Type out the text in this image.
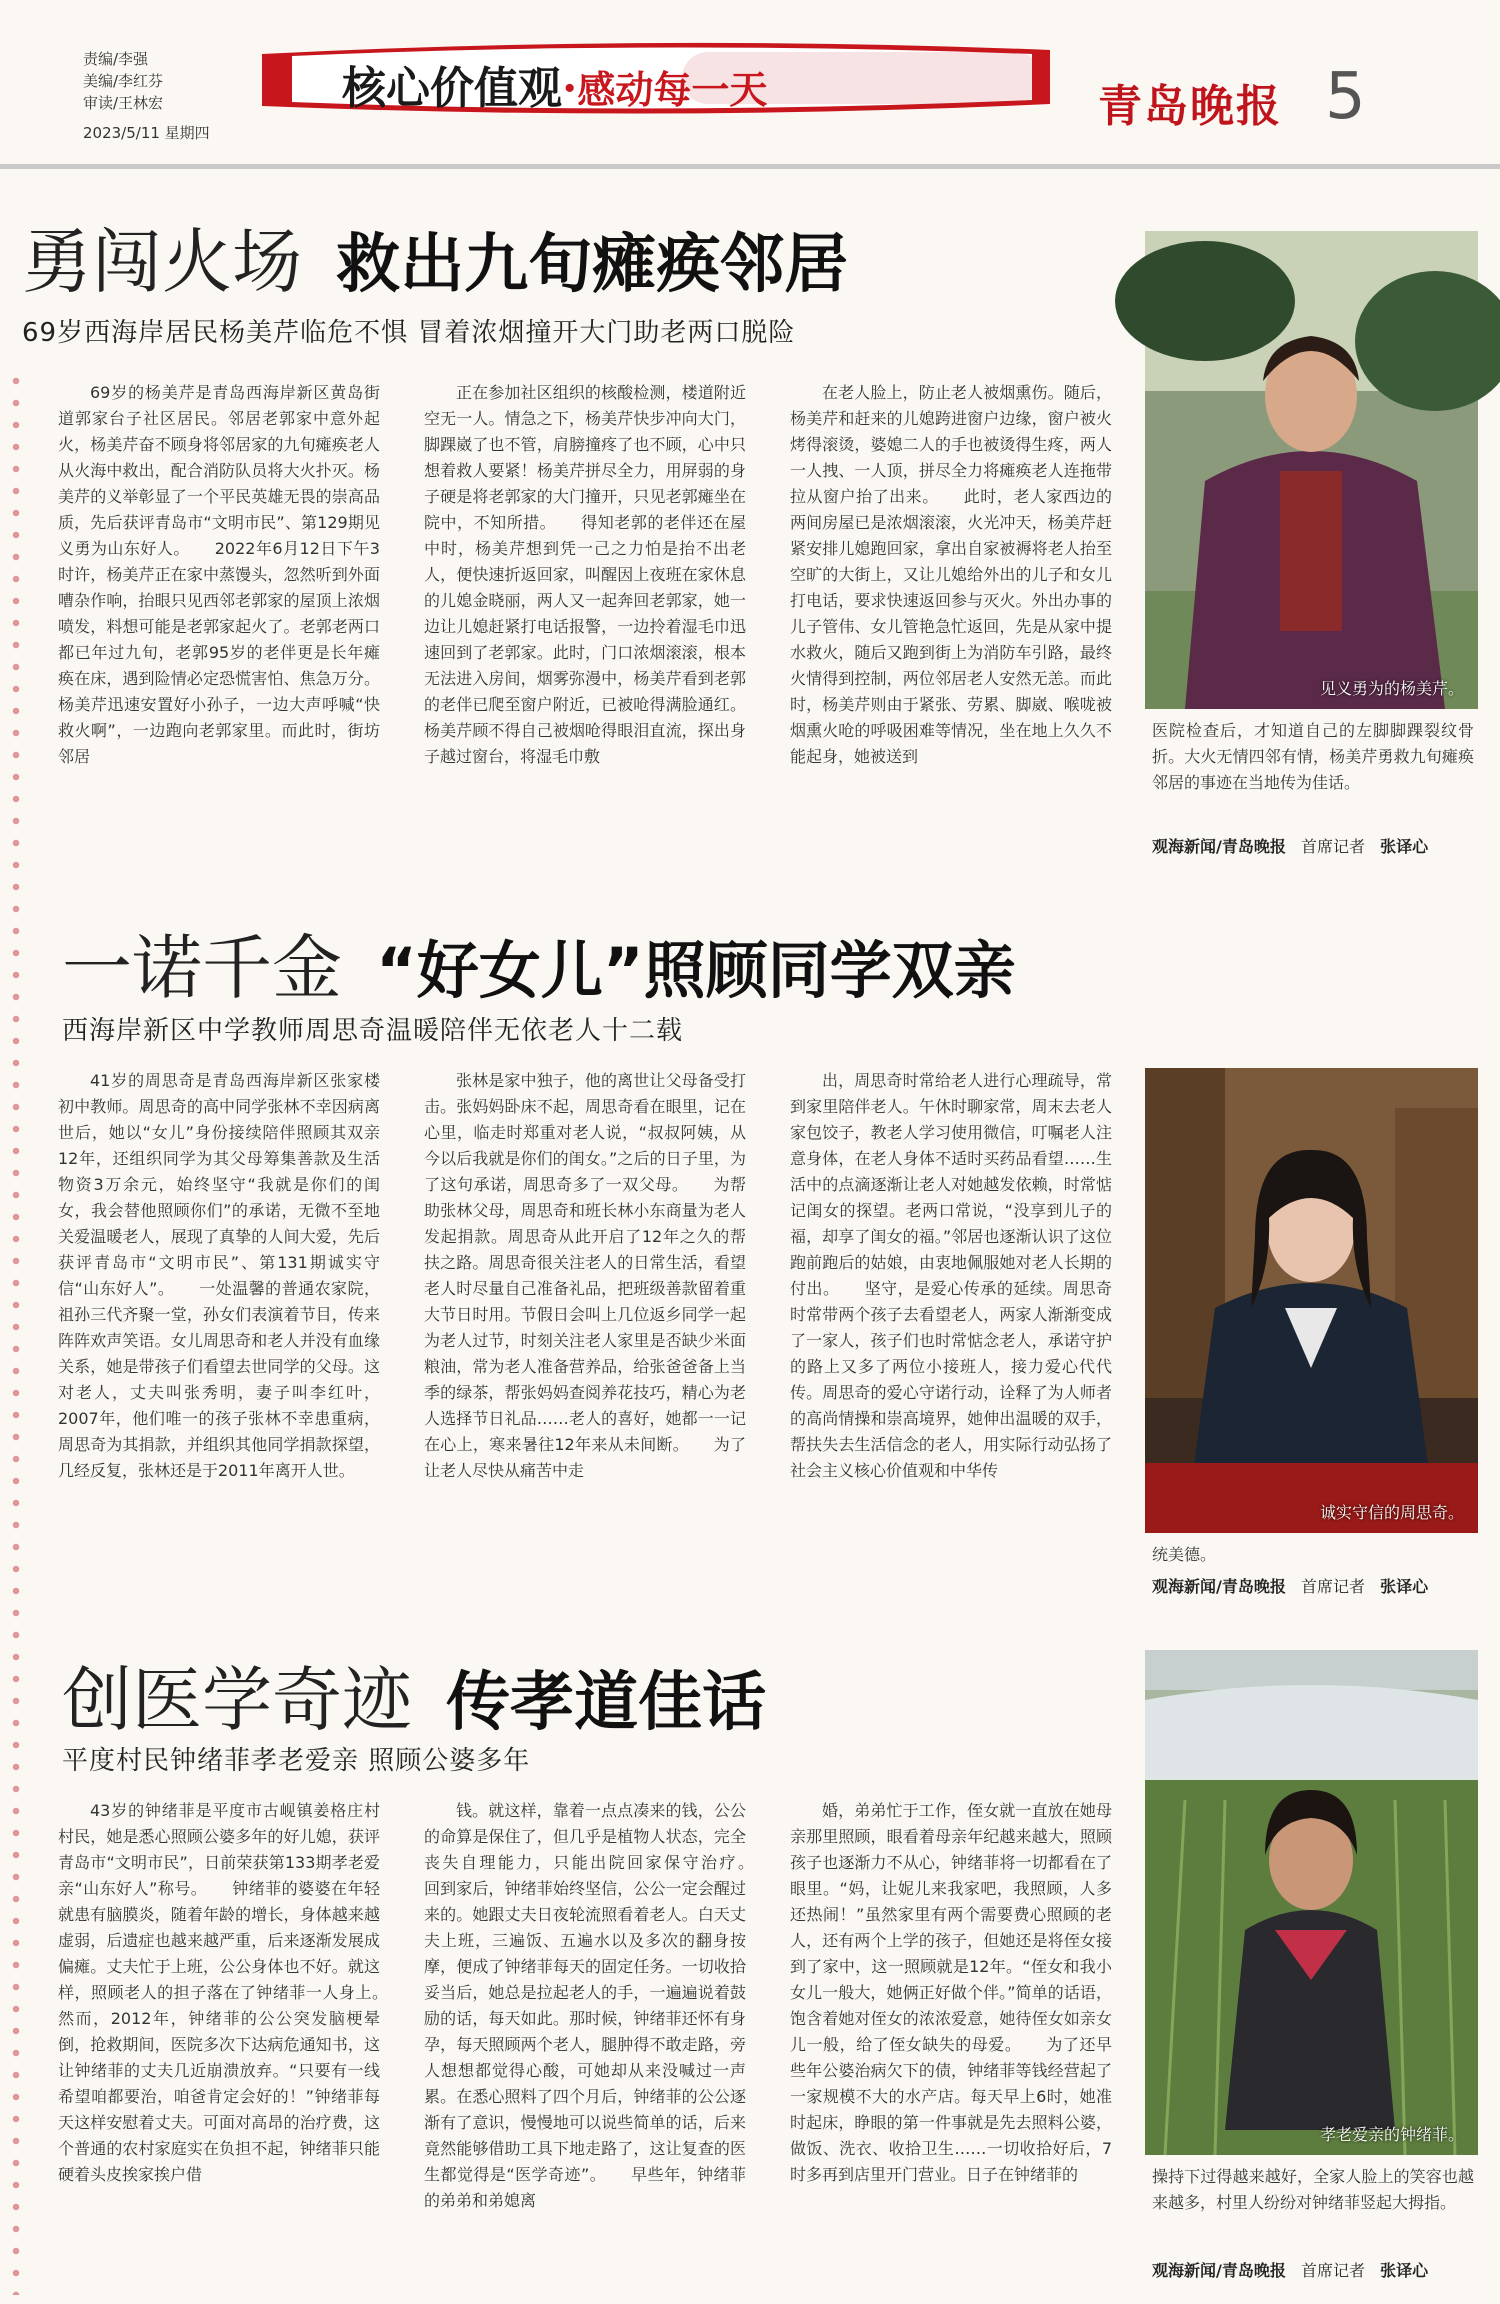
责编/李强
美编/李红芬
审读/王林宏
2023/5/11 星期四
核心价值观·感动每一天	青岛晚报 5
勇闯火场 救出九旬瘫痪邻居
69岁西海岸居民杨美芹临危不惧 冒着浓烟撞开大门助老两口脱险

69岁的杨美芹是青岛西海岸新区黄岛街道郭家台子社区居民。邻居老郭家中意外起火，杨美芹奋不顾身将邻居家的九旬瘫痪老人从火海中救出，配合消防队员将大火扑灭。杨美芹的义举彰显了一个平民英雄无畏的崇高品质，先后获评青岛市“文明市民”、第129期见义勇为山东好人。　　2022年6月12日下午3时许，杨美芹正在家中蒸馒头，忽然听到外面嘈杂作响，抬眼只见西邻老郭家的屋顶上浓烟喷发，料想可能是老郭家起火了。老郭老两口都已年过九旬，老郭95岁的老伴更是长年瘫痪在床，遇到险情必定恐慌害怕、焦急万分。杨美芹迅速安置好小孙子，一边大声呼喊“快救火啊”，一边跑向老郭家里。而此时，街坊邻居

正在参加社区组织的核酸检测，楼道附近空无一人。情急之下，杨美芹快步冲向大门，脚踝崴了也不管，肩膀撞疼了也不顾，心中只想着救人要紧！杨美芹拼尽全力，用屏弱的身子硬是将老郭家的大门撞开，只见老郭瘫坐在院中，不知所措。　　得知老郭的老伴还在屋中时，杨美芹想到凭一己之力怕是抬不出老人，便快速折返回家，叫醒因上夜班在家休息的儿媳金晓丽，两人又一起奔回老郭家，她一边让儿媳赶紧打电话报警，一边拎着湿毛巾迅速回到了老郭家。此时，门口浓烟滚滚，根本无法进入房间，烟雾弥漫中，杨美芹看到老郭的老伴已爬至窗户附近，已被呛得满脸通红。杨美芹顾不得自己被烟呛得眼泪直流，探出身子越过窗台，将湿毛巾敷

在老人脸上，防止老人被烟熏伤。随后，杨美芹和赶来的儿媳跨进窗户边缘，窗户被火烤得滚烫，婆媳二人的手也被烫得生疼，两人一人拽、一人顶，拼尽全力将瘫痪老人连拖带拉从窗户抬了出来。　　此时，老人家西边的两间房屋已是浓烟滚滚，火光冲天，杨美芹赶紧安排儿媳跑回家，拿出自家被褥将老人抬至空旷的大街上，又让儿媳给外出的儿子和女儿打电话，要求快速返回参与灭火。外出办事的儿子管伟、女儿管艳急忙返回，先是从家中提水救火，随后又跑到街上为消防车引路，最终火情得到控制，两位邻居老人安然无恙。而此时，杨美芹则由于紧张、劳累、脚崴、喉咙被烟熏火呛的呼吸困难等情况，坐在地上久久不能起身，她被送到

见义勇为的杨美芹。

医院检查后，才知道自己的左脚脚踝裂纹骨折。大火无情四邻有情，杨美芹勇救九旬瘫痪邻居的事迹在当地传为佳话。

观海新闻/青岛晚报 首席记者 张译心
一诺千金 “好女儿”照顾同学双亲
西海岸新区中学教师周思奇温暖陪伴无依老人十二载

41岁的周思奇是青岛西海岸新区张家楼初中教师。周思奇的高中同学张林不幸因病离世后，她以“女儿”身份接续陪伴照顾其双亲12年，还组织同学为其父母筹集善款及生活物资3万余元，始终坚守“我就是你们的闺女，我会替他照顾你们”的承诺，无微不至地关爱温暖老人，展现了真挚的人间大爱，先后获评青岛市“文明市民”、第131期诚实守信“山东好人”。　　一处温馨的普通农家院，祖孙三代齐聚一堂，孙女们表演着节目，传来阵阵欢声笑语。女儿周思奇和老人并没有血缘关系，她是带孩子们看望去世同学的父母。这对老人，丈夫叫张秀明，妻子叫李红叶，2007年，他们唯一的孩子张林不幸患重病，周思奇为其捐款，并组织其他同学捐款探望，几经反复，张林还是于2011年离开人世。

张林是家中独子，他的离世让父母备受打击。张妈妈卧床不起，周思奇看在眼里，记在心里，临走时郑重对老人说，“叔叔阿姨，从今以后我就是你们的闺女。”之后的日子里，为了这句承诺，周思奇多了一双父母。　　为帮助张林父母，周思奇和班长林小东商量为老人发起捐款。周思奇从此开启了12年之久的帮扶之路。周思奇很关注老人的日常生活，看望老人时尽量自己准备礼品，把班级善款留着重大节日时用。节假日会叫上几位返乡同学一起为老人过节，时刻关注老人家里是否缺少米面粮油，常为老人准备营养品，给张爸爸备上当季的绿茶，帮张妈妈查阅养花技巧，精心为老人选择节日礼品……老人的喜好，她都一一记在心上，寒来暑往12年来从未间断。　　为了让老人尽快从痛苦中走

出，周思奇时常给老人进行心理疏导，常到家里陪伴老人。午休时聊家常，周末去老人家包饺子，教老人学习使用微信，叮嘱老人注意身体，在老人身体不适时买药品看望……生活中的点滴逐渐让老人对她越发依赖，时常惦记闺女的探望。老两口常说，“没享到儿子的福，却享了闺女的福。”邻居也逐渐认识了这位跑前跑后的姑娘，由衷地佩服她对老人长期的付出。　　坚守，是爱心传承的延续。周思奇时常带两个孩子去看望老人，两家人渐渐变成了一家人，孩子们也时常惦念老人，承诺守护的路上又多了两位小接班人，接力爱心代代传。周思奇的爱心守诺行动，诠释了为人师者的高尚情操和崇高境界，她伸出温暖的双手，帮扶失去生活信念的老人，用实际行动弘扬了社会主义核心价值观和中华传

诚实守信的周思奇。

统美德。

观海新闻/青岛晚报 首席记者 张译心
创医学奇迹 传孝道佳话
平度村民钟绪菲孝老爱亲 照顾公婆多年

43岁的钟绪菲是平度市古岘镇姜格庄村村民，她是悉心照顾公婆多年的好儿媳，获评青岛市“文明市民”，日前荣获第133期孝老爱亲“山东好人”称号。　　钟绪菲的婆婆在年轻就患有脑膜炎，随着年龄的增长，身体越来越虚弱，后遗症也越来越严重，后来逐渐发展成偏瘫。丈夫忙于上班，公公身体也不好。就这样，照顾老人的担子落在了钟绪菲一人身上。　　然而，2012年，钟绪菲的公公突发脑梗晕倒，抢救期间，医院多次下达病危通知书，这让钟绪菲的丈夫几近崩溃放弃。“只要有一线希望咱都要治，咱爸肯定会好的！”钟绪菲每天这样安慰着丈夫。可面对高昂的治疗费，这个普通的农村家庭实在负担不起，钟绪菲只能硬着头皮挨家挨户借

钱。就这样，靠着一点点凑来的钱，公公的命算是保住了，但几乎是植物人状态，完全丧失自理能力，只能出院回家保守治疗。　　回到家后，钟绪菲始终坚信，公公一定会醒过来的。她跟丈夫日夜轮流照看着老人。白天丈夫上班，三遍饭、五遍水以及多次的翻身按摩，便成了钟绪菲每天的固定任务。一切收拾妥当后，她总是拉起老人的手，一遍遍说着鼓励的话，每天如此。那时候，钟绪菲还怀有身孕，每天照顾两个老人，腿肿得不敢走路，旁人想想都觉得心酸，可她却从来没喊过一声累。在悉心照料了四个月后，钟绪菲的公公逐渐有了意识，慢慢地可以说些简单的话，后来竟然能够借助工具下地走路了，这让复查的医生都觉得是“医学奇迹”。　　早些年，钟绪菲的弟弟和弟媳离

婚，弟弟忙于工作，侄女就一直放在她母亲那里照顾，眼看着母亲年纪越来越大，照顾孩子也逐渐力不从心，钟绪菲将一切都看在了眼里。“妈，让妮儿来我家吧，我照顾，人多还热闹！”虽然家里有两个需要费心照顾的老人，还有两个上学的孩子，但她还是将侄女接到了家中，这一照顾就是12年。“侄女和我小女儿一般大，她俩正好做个伴。”简单的话语，饱含着她对侄女的浓浓爱意，她待侄女如亲女儿一般，给了侄女缺失的母爱。　　为了还早些年公婆治病欠下的债，钟绪菲等钱经营起了一家规模不大的水产店。每天早上6时，她准时起床，睁眼的第一件事就是先去照料公婆，做饭、洗衣、收拾卫生……一切收拾好后，7时多再到店里开门营业。日子在钟绪菲的

孝老爱亲的钟绪菲。

操持下过得越来越好，全家人脸上的笑容也越来越多，村里人纷纷对钟绪菲竖起大拇指。

观海新闻/青岛晚报 首席记者 张译心
